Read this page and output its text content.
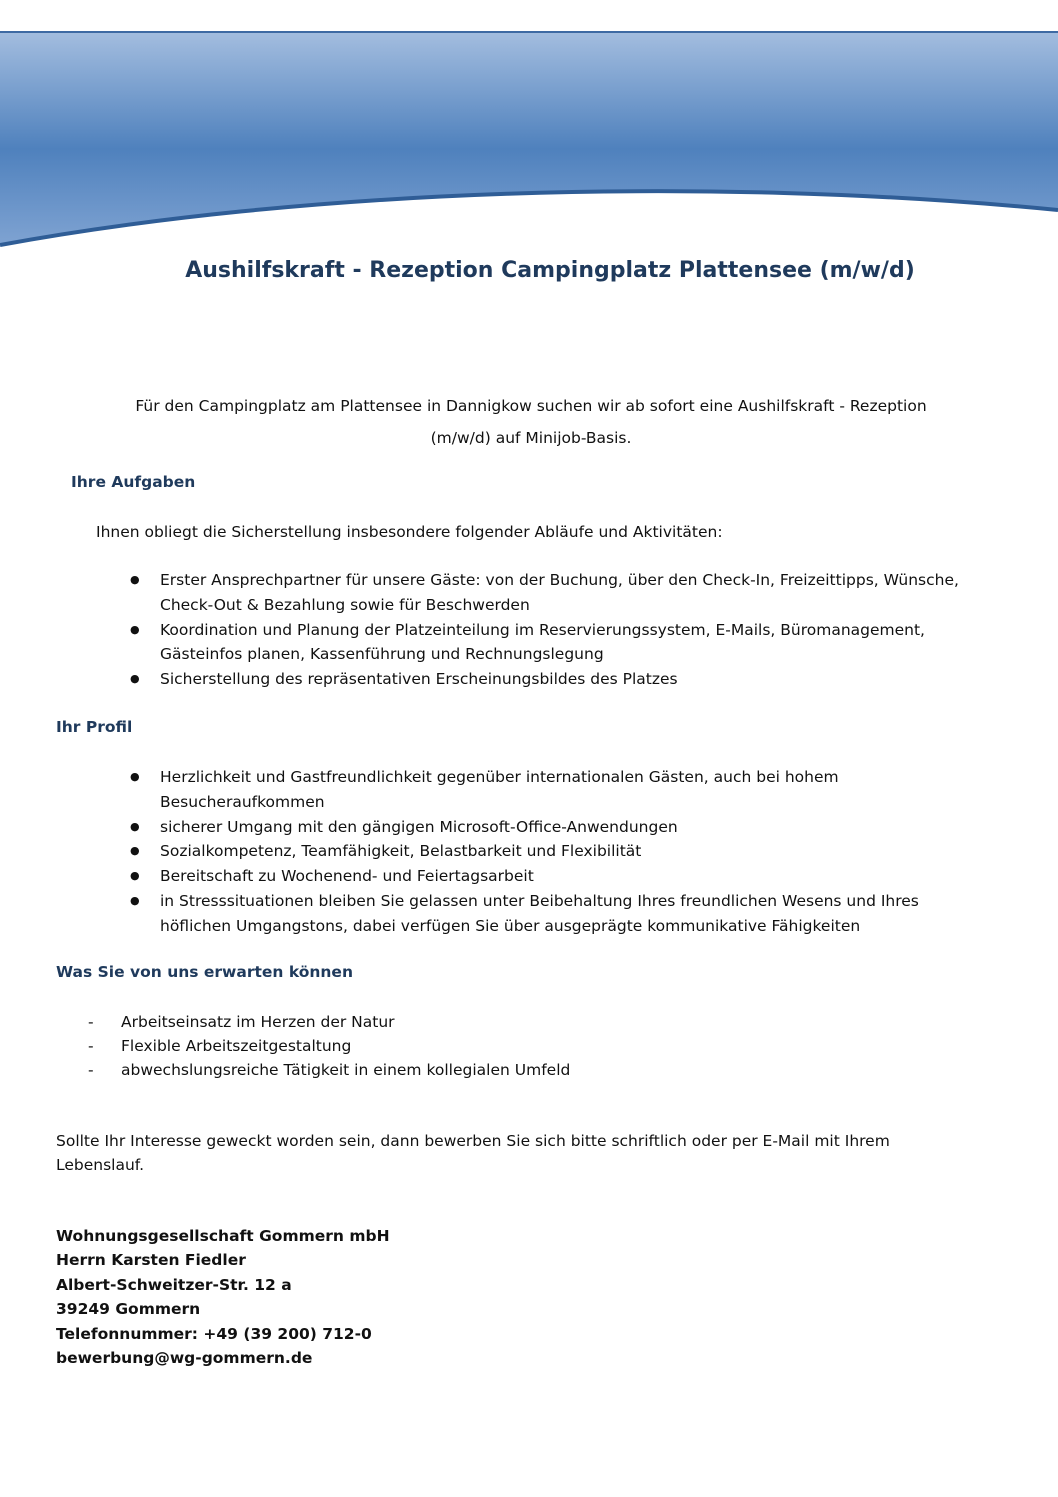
Aushilfskraft - Rezeption Campingplatz Plattensee (m/w/d)
Für den Campingplatz am Plattensee in Dannigkow suchen wir ab sofort eine Aushilfskraft - Rezeption
(m/w/d) auf Minijob-Basis.
Ihre Aufgaben
Ihnen obliegt die Sicherstellung insbesondere folgender Abläufe und Aktivitäten:
● Erster Ansprechpartner für unsere Gäste: von der Buchung, über den Check-In, Freizeittipps, Wünsche, Check-Out & Bezahlung sowie für Beschwerden
● Koordination und Planung der Platzeinteilung im Reservierungssystem, E-Mails, Büromanagement, Gästeinfos planen, Kassenführung und Rechnungslegung
● Sicherstellung des repräsentativen Erscheinungsbildes des Platzes
Ihr Profil
● Herzlichkeit und Gastfreundlichkeit gegenüber internationalen Gästen, auch bei hohem Besucheraufkommen
● sicherer Umgang mit den gängigen Microsoft-Office-Anwendungen
● Sozialkompetenz, Teamfähigkeit, Belastbarkeit und Flexibilität
● Bereitschaft zu Wochenend- und Feiertagsarbeit
● in Stresssituationen bleiben Sie gelassen unter Beibehaltung Ihres freundlichen Wesens und Ihres höflichen Umgangstons, dabei verfügen Sie über ausgeprägte kommunikative Fähigkeiten
Was Sie von uns erwarten können
- Arbeitseinsatz im Herzen der Natur
- Flexible Arbeitszeitgestaltung
- abwechslungsreiche Tätigkeit in einem kollegialen Umfeld
Sollte Ihr Interesse geweckt worden sein, dann bewerben Sie sich bitte schriftlich oder per E-Mail mit Ihrem
Lebenslauf.
Wohnungsgesellschaft Gommern mbH
Herrn Karsten Fiedler
Albert-Schweitzer-Str. 12 a
39249 Gommern
Telefonnummer: +49 (39 200) 712-0
bewerbung@wg-gommern.de
